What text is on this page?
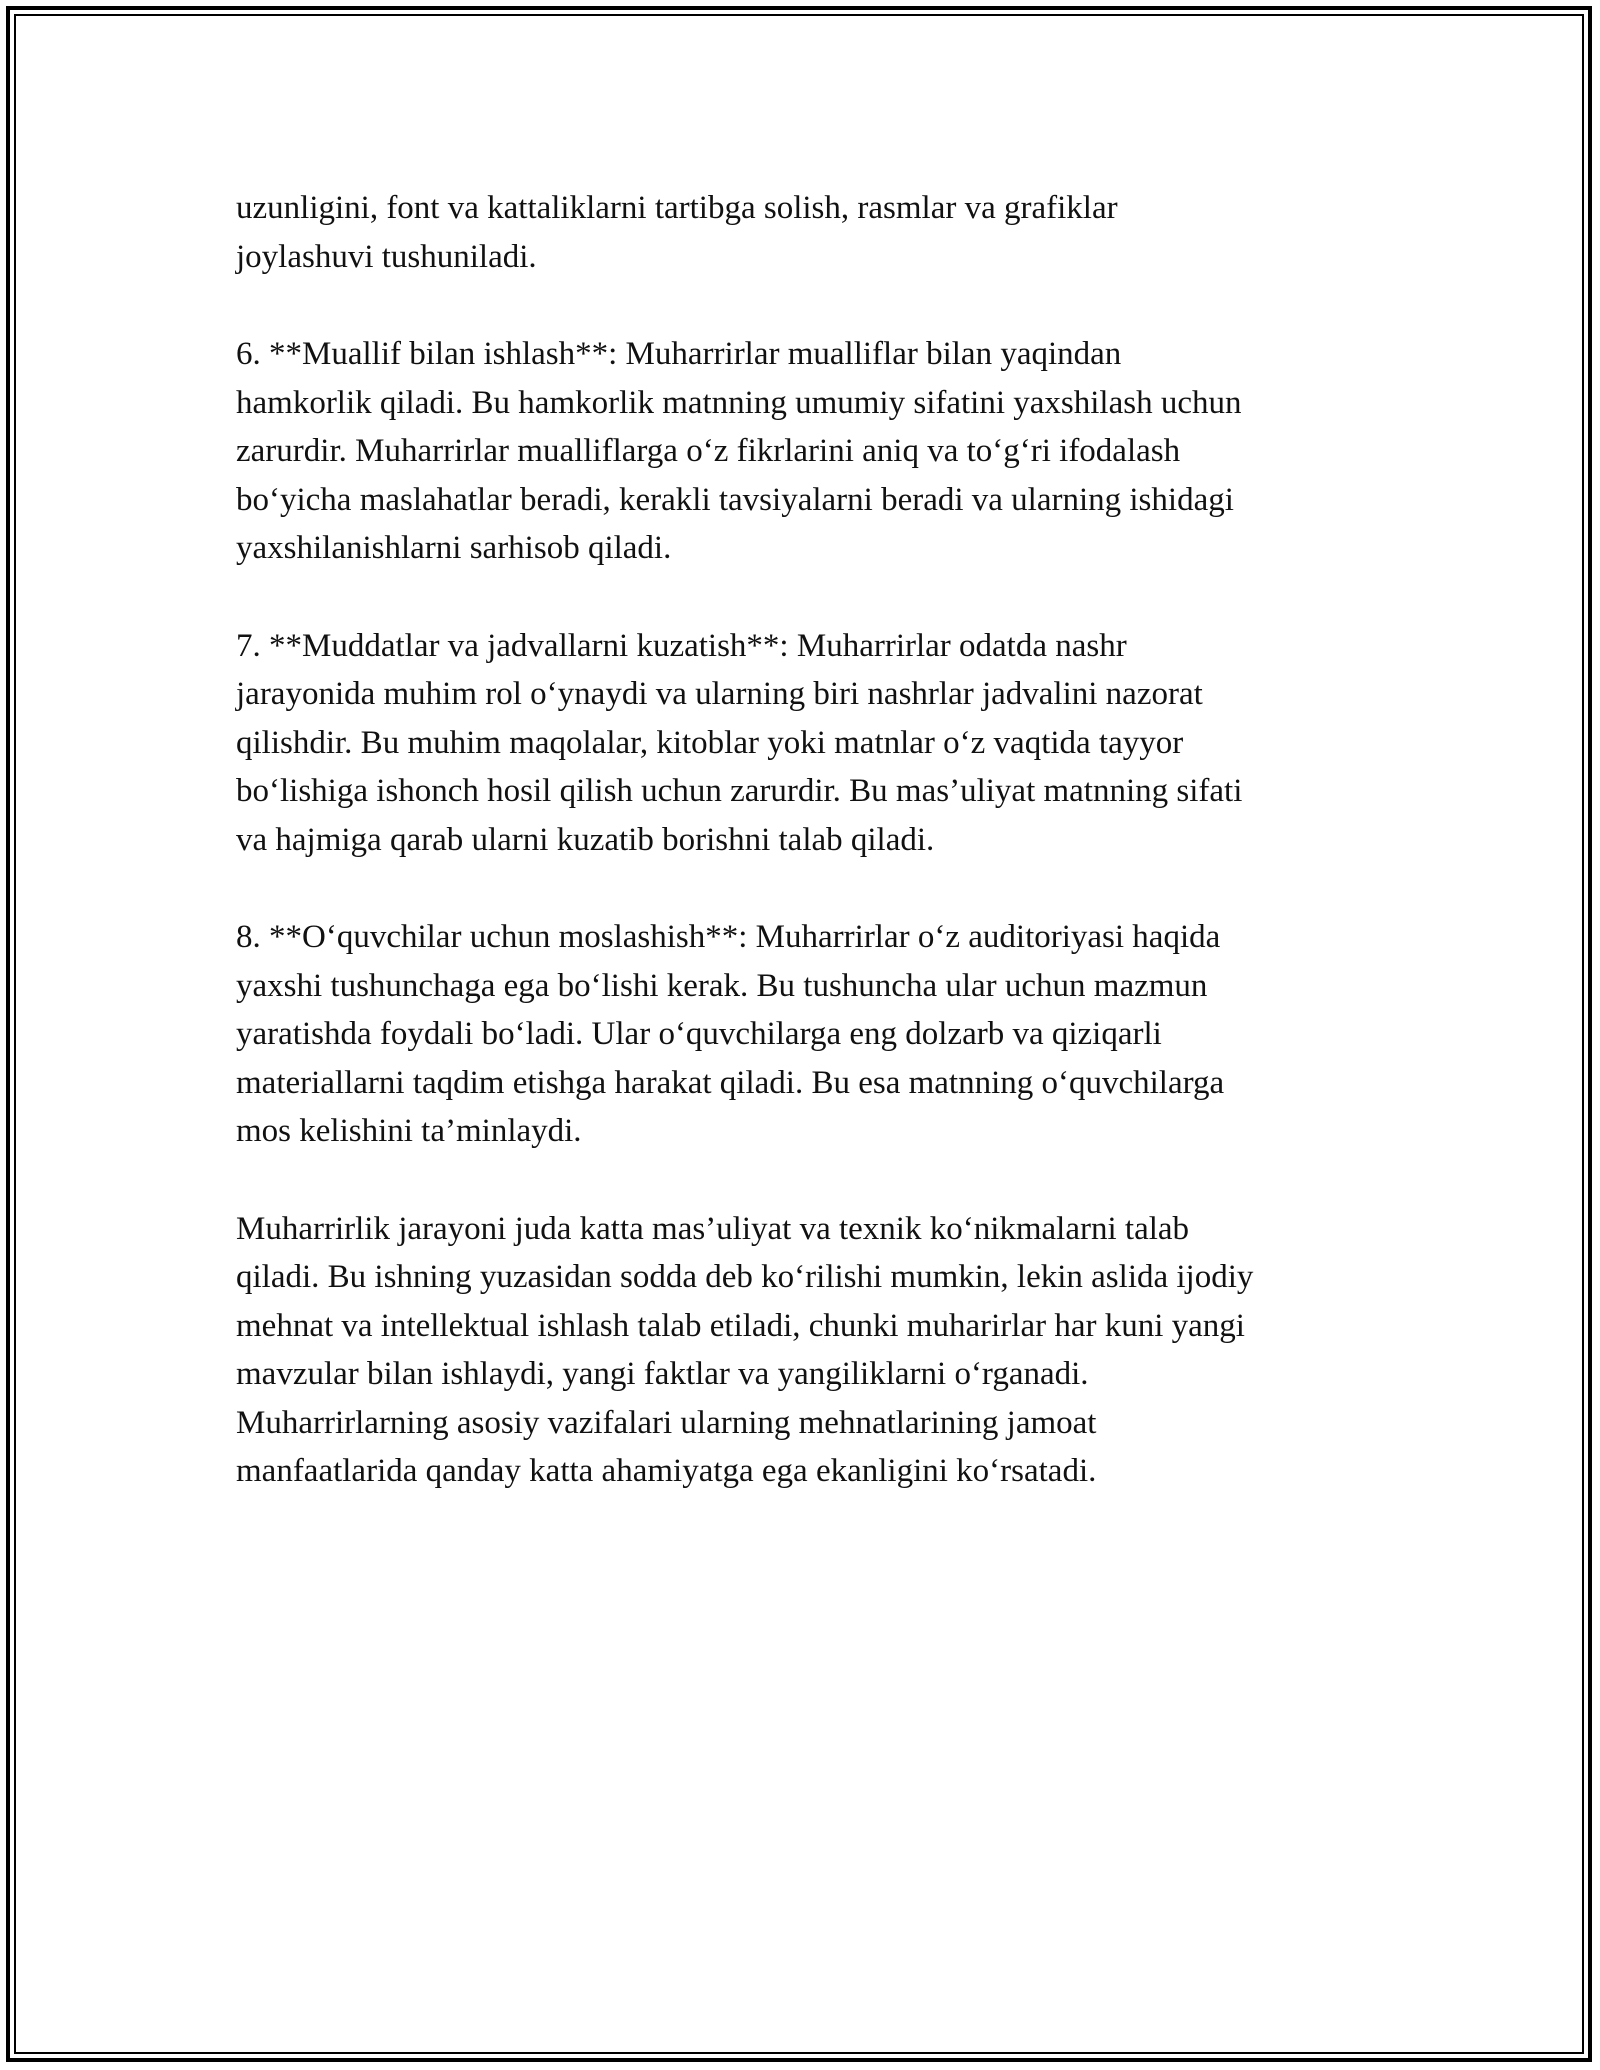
uzunligini, font va kattaliklarni tartibga solish, rasmlar va grafiklar
joylashuvi tushuniladi.

6. **Muallif bilan ishlash**: Muharrirlar mualliflar bilan yaqindan
hamkorlik qiladi. Bu hamkorlik matnning umumiy sifatini yaxshilash uchun
zarurdir. Muharrirlar mualliflarga o‘z fikrlarini aniq va to‘g‘ri ifodalash
bo‘yicha maslahatlar beradi, kerakli tavsiyalarni beradi va ularning ishidagi
yaxshilanishlarni sarhisob qiladi.

7. **Muddatlar va jadvallarni kuzatish**: Muharrirlar odatda nashr
jarayonida muhim rol o‘ynaydi va ularning biri nashrlar jadvalini nazorat
qilishdir. Bu muhim maqolalar, kitoblar yoki matnlar o‘z vaqtida tayyor
bo‘lishiga ishonch hosil qilish uchun zarurdir. Bu mas’uliyat matnning sifati
va hajmiga qarab ularni kuzatib borishni talab qiladi.

8. **O‘quvchilar uchun moslashish**: Muharrirlar o‘z auditoriyasi haqida
yaxshi tushunchaga ega bo‘lishi kerak. Bu tushuncha ular uchun mazmun
yaratishda foydali bo‘ladi. Ular o‘quvchilarga eng dolzarb va qiziqarli
materiallarni taqdim etishga harakat qiladi. Bu esa matnning o‘quvchilarga
mos kelishini ta’minlaydi.

Muharrirlik jarayoni juda katta mas’uliyat va texnik ko‘nikmalarni talab
qiladi. Bu ishning yuzasidan sodda deb ko‘rilishi mumkin, lekin aslida ijodiy
mehnat va intellektual ishlash talab etiladi, chunki muharirlar har kuni yangi
mavzular bilan ishlaydi, yangi faktlar va yangiliklarni o‘rganadi.
Muharrirlarning asosiy vazifalari ularning mehnatlarining jamoat
manfaatlarida qanday katta ahamiyatga ega ekanligini ko‘rsatadi.
